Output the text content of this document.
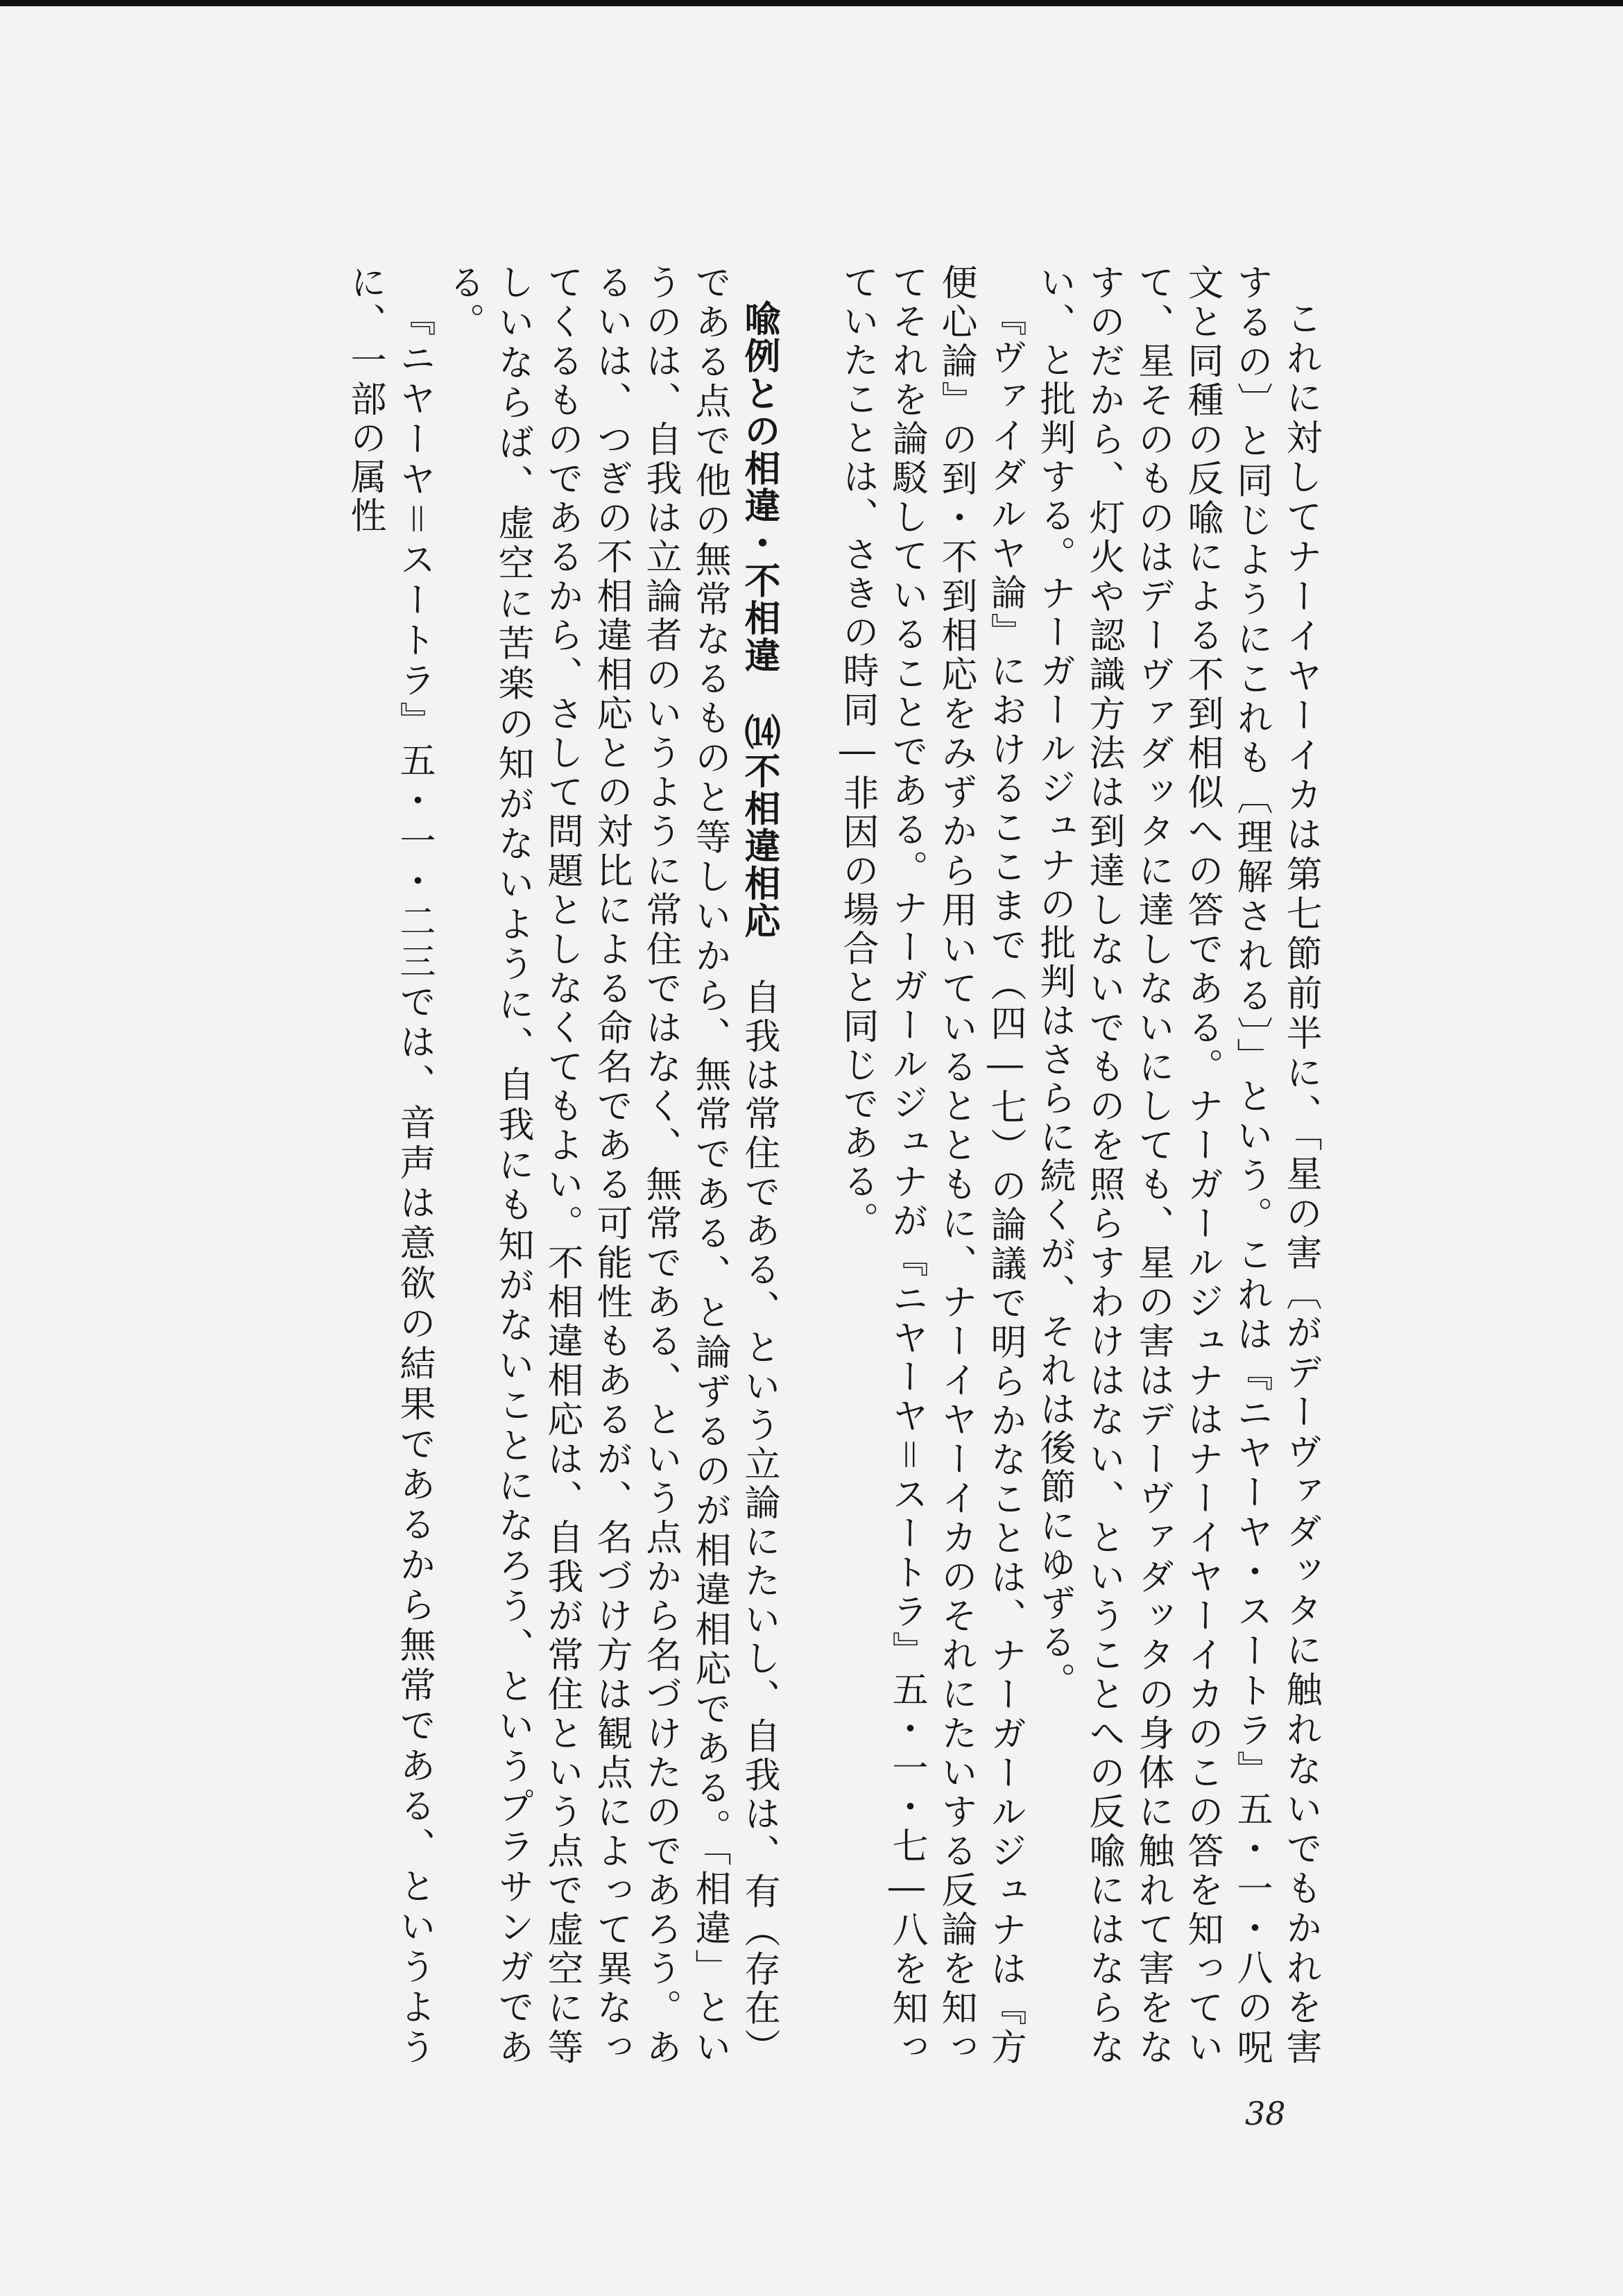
これに対してナーイヤーイカは第七節前半に、「星の害〔がデーヴァダッタに触れないでもかれを害するの〕と同じようにこれも〔理解される〕」という。これは『ニヤーヤ・スートラ』五・一・八の呪文と同種の反喩による不到相似への答である。ナーガールジュナはナーイヤーイカのこの答を知っていて、星そのものはデーヴァダッタに達しないにしても、星の害はデーヴァダッタの身体に触れて害をなすのだから、灯火や認識方法は到達しないでものを照らすわけはない、ということへの反喩にはならない、と批判する。ナーガールジュナの批判はさらに続くが、それは後節にゆずる。

『ヴァイダルヤ論』におけるここまで（四―七）の論議で明らかなことは、ナーガールジュナは『方便心論』の到・不到相応をみずから用いているとともに、ナーイヤーイカのそれにたいする反論を知ってそれを論駁していることである。ナーガールジュナが『ニヤーヤ＝スートラ』五・一・七―八を知っていたことは、さきの時同―非因の場合と同じである。

喩例との相違・不相違　⒁不相違相応　自我は常住である、という立論にたいし、自我は、有（存在）である点で他の無常なるものと等しいから、無常である、と論ずるのが相違相応である。「相違」というのは、自我は立論者のいうように常住ではなく、無常である、という点から名づけたのであろう。あるいは、つぎの不相違相応との対比による命名である可能性もあるが、名づけ方は観点によって異なってくるものであるから、さして問題としなくてもよい。不相違相応は、自我が常住という点で虚空に等しいならば、虚空に苦楽の知がないように、自我にも知がないことになろう、というプラサンガである。

『ニヤーヤ＝スートラ』五・一・二三では、音声は意欲の結果であるから無常である、というように、一部の属性

38
